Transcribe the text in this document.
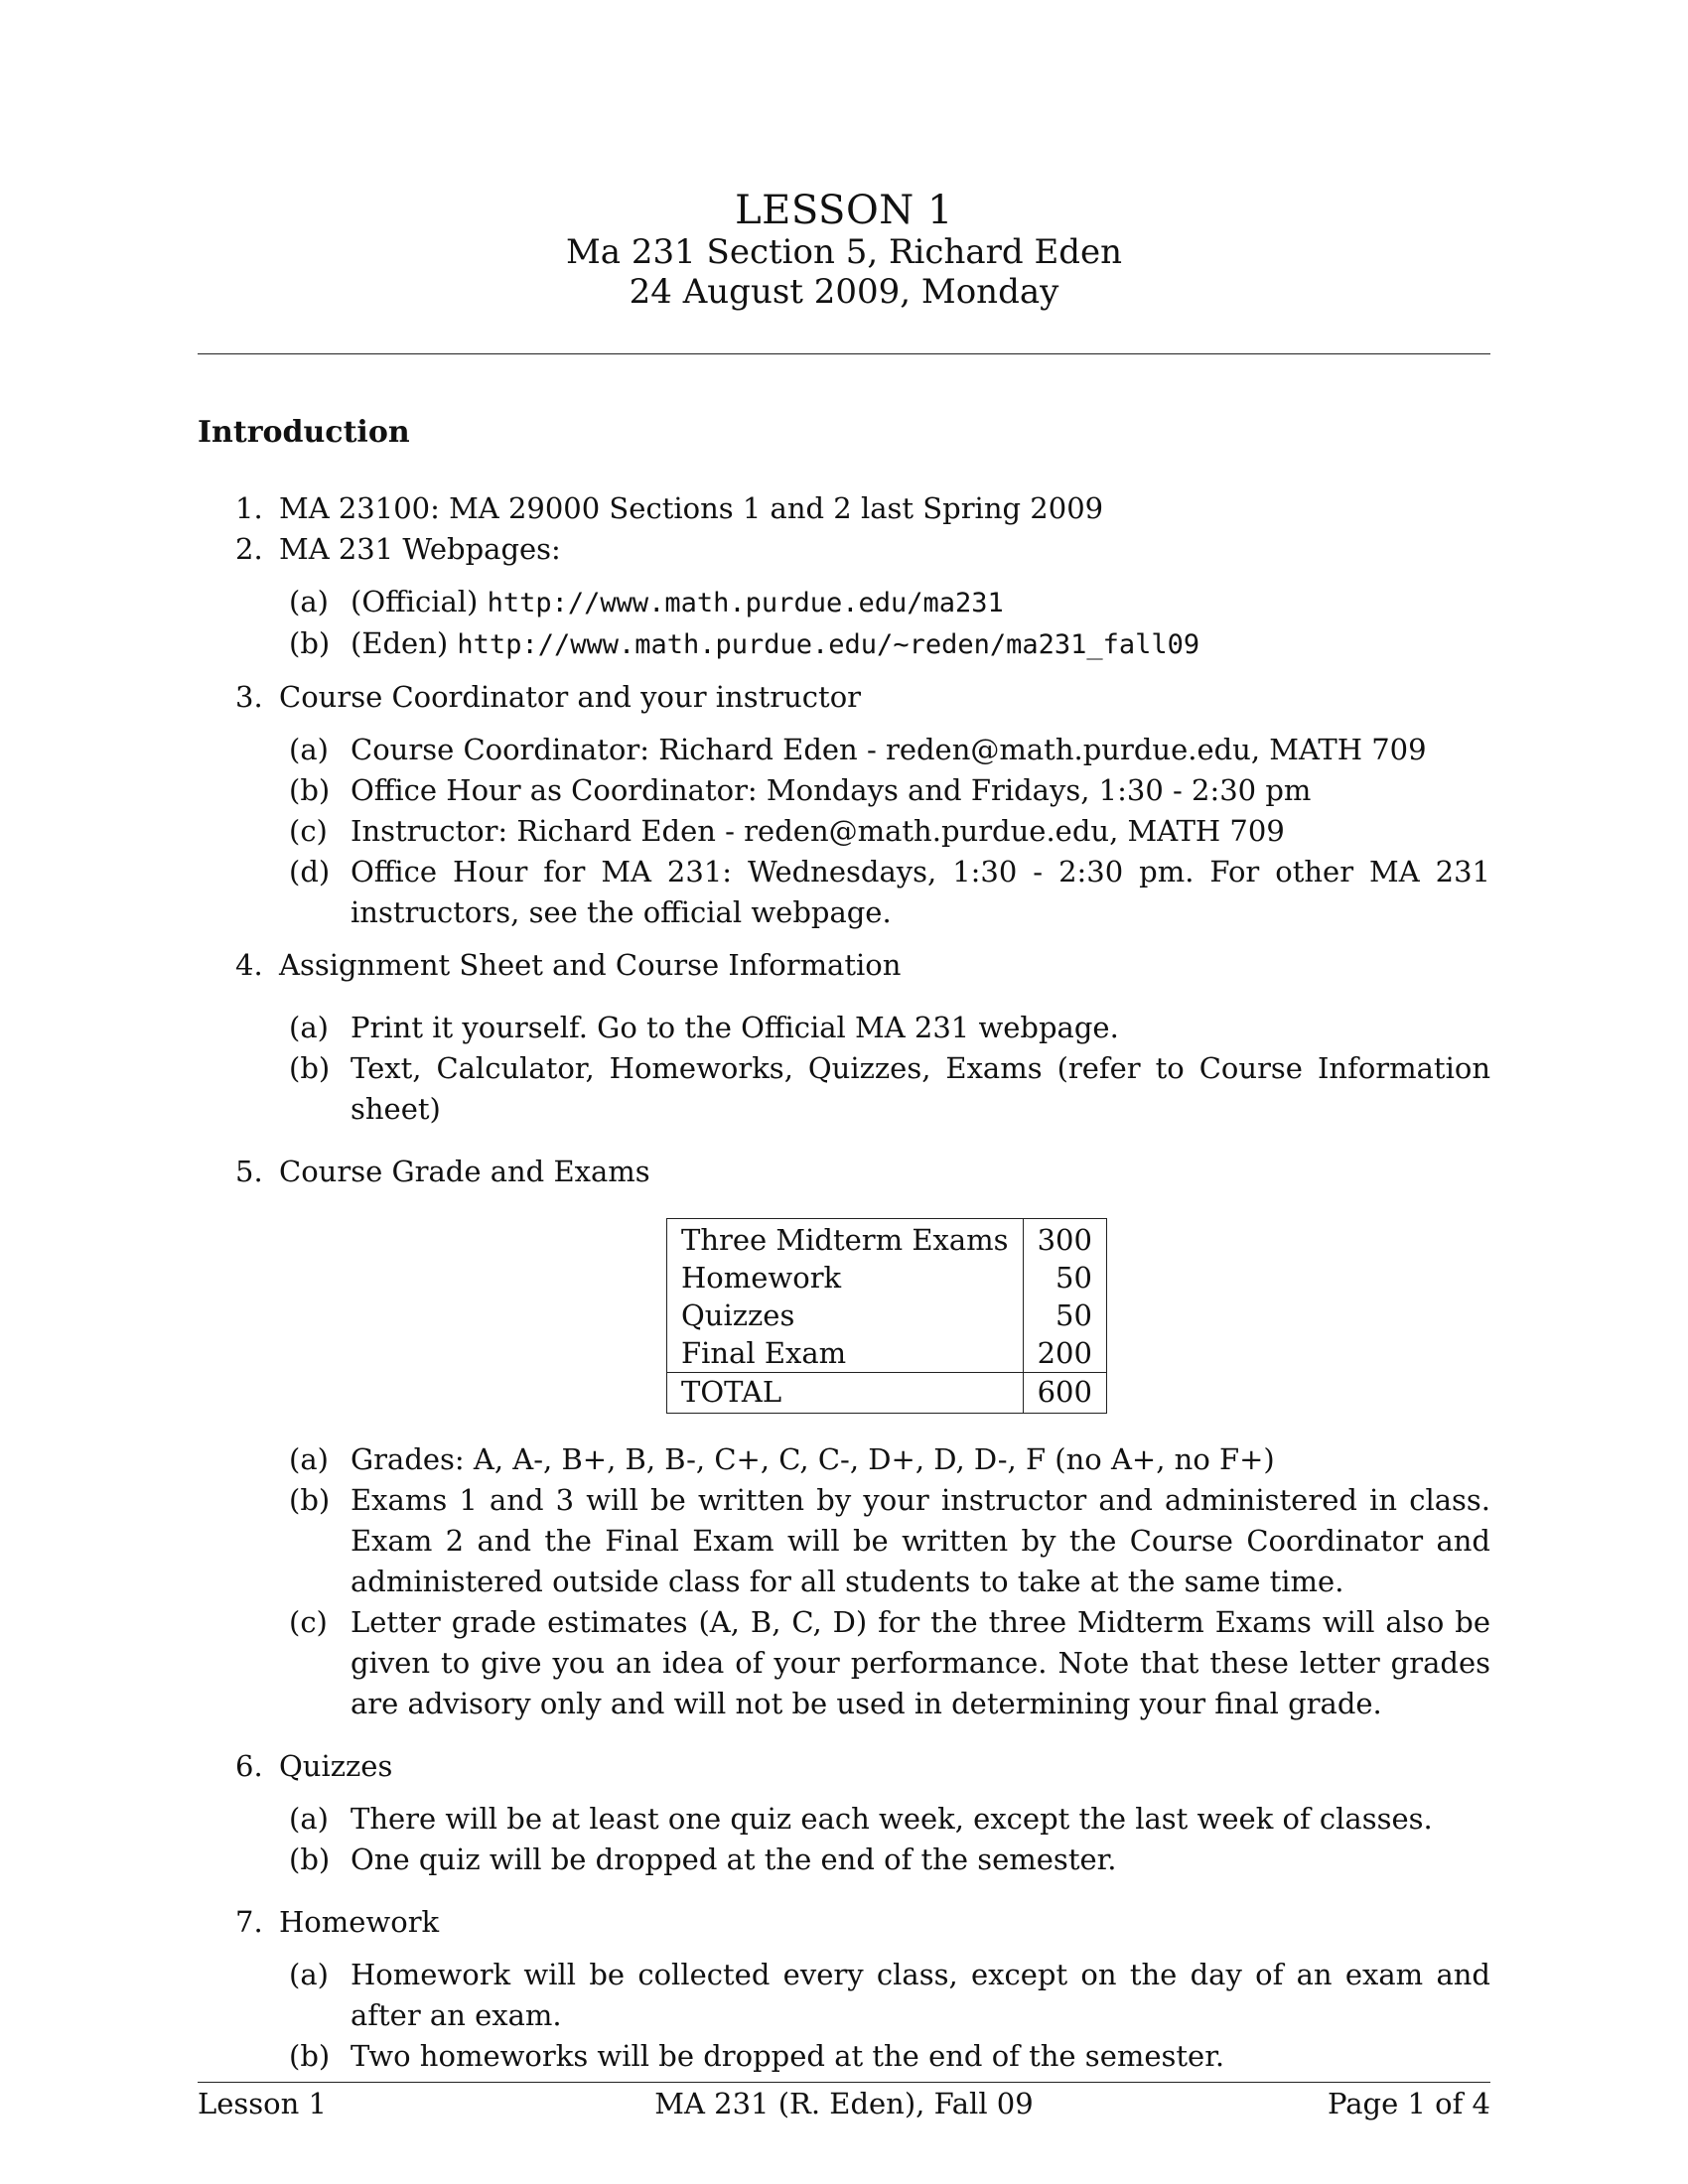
LESSON 1
Ma 231 Section 5, Richard Eden
24 August 2009, Monday
Introduction
1. MA 23100: MA 29000 Sections 1 and 2 last Spring 2009
2. MA 231 Webpages:
(a) (Official) http://www.math.purdue.edu/ma231
(b) (Eden) http://www.math.purdue.edu/~reden/ma231_fall09
3. Course Coordinator and your instructor
(a) Course Coordinator: Richard Eden - reden@math.purdue.edu, MATH 709
(b) Office Hour as Coordinator: Mondays and Fridays, 1:30 - 2:30 pm
(c) Instructor: Richard Eden - reden@math.purdue.edu, MATH 709
(d) Office Hour for MA 231: Wednesdays, 1:30 - 2:30 pm. For other MA 231 instructors, see the official webpage.
4. Assignment Sheet and Course Information
(a) Print it yourself. Go to the Official MA 231 webpage.
(b) Text, Calculator, Homeworks, Quizzes, Exams (refer to Course Information sheet)
5. Course Grade and Exams
Three Midterm Exams	300
Homework	50
Quizzes	50
Final Exam	200
TOTAL	600
(a) Grades: A, A-, B+, B, B-, C+, C, C-, D+, D, D-, F (no A+, no F+)
(b) Exams 1 and 3 will be written by your instructor and administered in class. Exam 2 and the Final Exam will be written by the Course Coordinator and administered outside class for all students to take at the same time.
(c) Letter grade estimates (A, B, C, D) for the three Midterm Exams will also be given to give you an idea of your performance. Note that these letter grades are advisory only and will not be used in determining your final grade.
6. Quizzes
(a) There will be at least one quiz each week, except the last week of classes.
(b) One quiz will be dropped at the end of the semester.
7. Homework
(a) Homework will be collected every class, except on the day of an exam and after an exam.
(b) Two homeworks will be dropped at the end of the semester.
Lesson 1	MA 231 (R. Eden), Fall 09	Page 1 of 4
